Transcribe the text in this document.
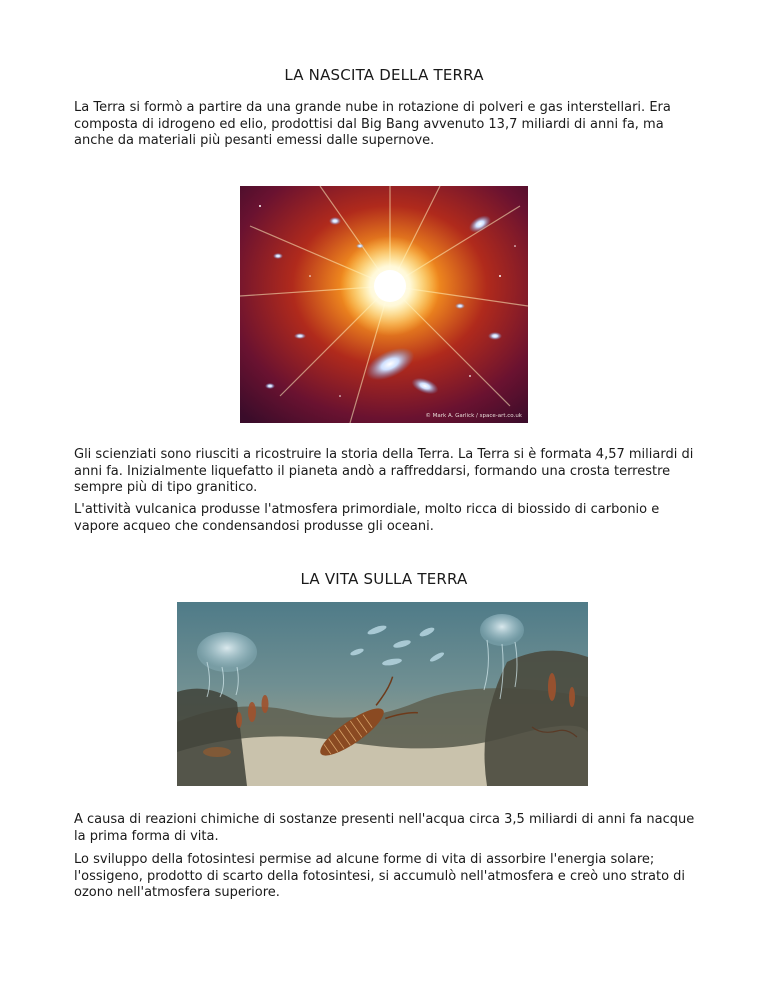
LA NASCITA DELLA TERRA

La Terra si formò a partire da una grande nube in rotazione di polveri e gas interstellari. Era composta di idrogeno ed elio, prodottisi dal Big Bang avvenuto 13,7 miliardi di anni fa, ma anche da materiali più pesanti emessi dalle supernove.

© Mark A. Garlick / space-art.co.uk

Gli scienziati sono riusciti a ricostruire la storia della Terra. La Terra si è formata 4,57 miliardi di anni fa. Inizialmente liquefatto il pianeta andò a raffreddarsi, formando una crosta terrestre sempre più di tipo granitico.

L'attività vulcanica produsse l'atmosfera primordiale, molto ricca di biossido di carbonio e vapore acqueo che condensandosi produsse gli oceani.

LA VITA SULLA TERRA

A causa di reazioni chimiche di sostanze presenti nell'acqua circa 3,5 miliardi di anni fa nacque la prima forma di vita.

Lo sviluppo della fotosintesi permise ad alcune forme di vita di assorbire l'energia solare; l'ossigeno, prodotto di scarto della fotosintesi, si accumulò nell'atmosfera e creò uno strato di ozono nell'atmosfera superiore.
